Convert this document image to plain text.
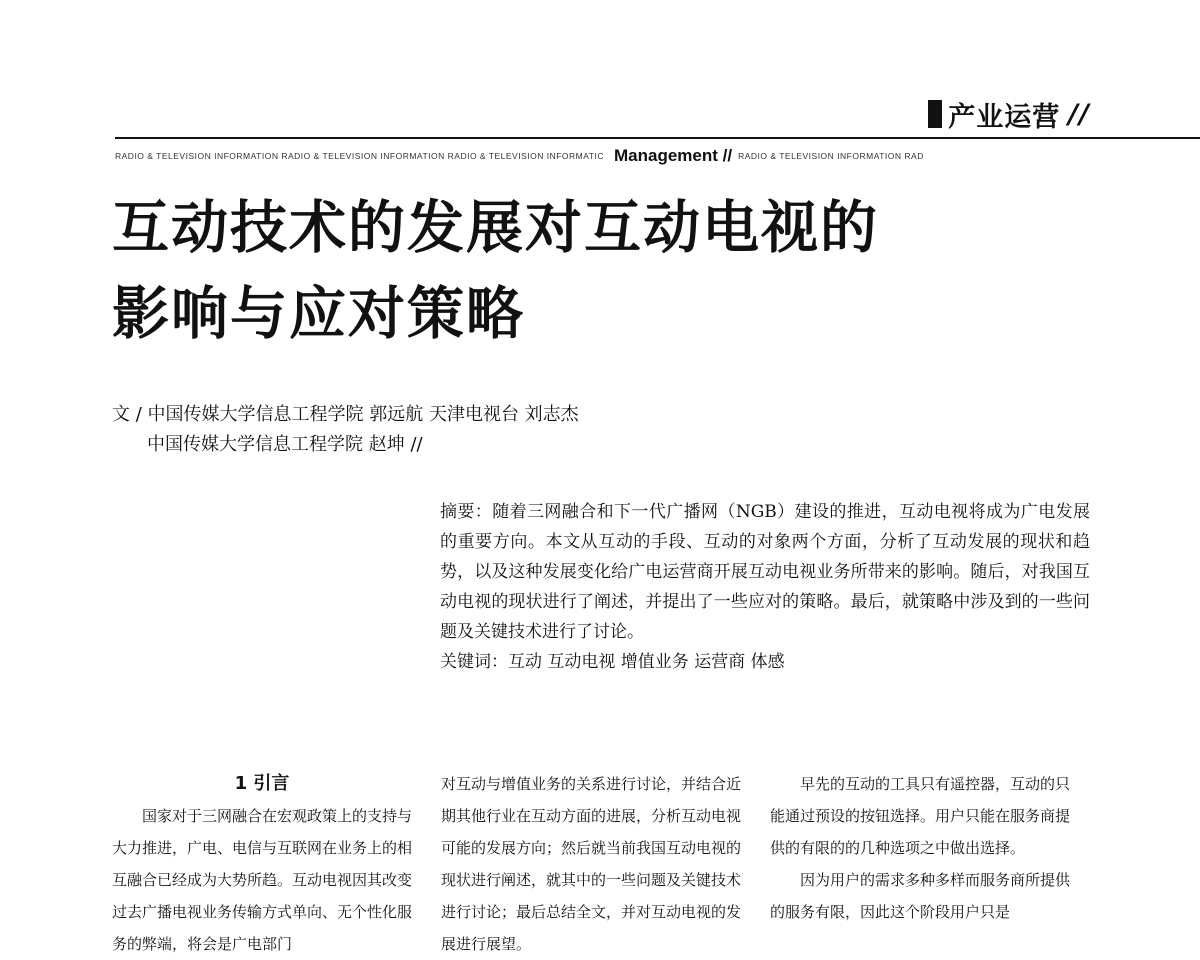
产业运营 //
RADIO & TELEVISION INFORMATION RADIO & TELEVISION INFORMATION RADIO & TELEVISION INFORMATIC Management // RADIO & TELEVISION INFORMATION RAD
互动技术的发展对互动电视的
影响与应对策略
文 / 中国传媒大学信息工程学院 郭远航 天津电视台 刘志杰
中国传媒大学信息工程学院 赵坤 //
摘要：随着三网融合和下一代广播网（NGB）建设的推进，互动电视将成为广电发展的重要方向。本文从互动的手段、互动的对象两个方面，分析了互动发展的现状和趋势，以及这种发展变化给广电运营商开展互动电视业务所带来的影响。随后，对我国互动电视的现状进行了阐述，并提出了一些应对的策略。最后，就策略中涉及到的一些问题及关键技术进行了讨论。
关键词：互动 互动电视 增值业务 运营商 体感
1 引言

国家对于三网融合在宏观政策上的支持与大力推进，广电、电信与互联网在业务上的相互融合已经成为大势所趋。互动电视因其改变过去广播电视业务传输方式单向、无个性化服务的弊端，将会是广电部门

对互动与增值业务的关系进行讨论，并结合近期其他行业在互动方面的进展，分析互动电视可能的发展方向；然后就当前我国互动电视的现状进行阐述，就其中的一些问题及关键技术进行讨论；最后总结全文，并对互动电视的发展进行展望。

早先的互动的工具只有遥控器，互动的只能通过预设的按钮选择。用户只能在服务商提供的有限的的几种选项之中做出选择。

因为用户的需求多种多样而服务商所提供的服务有限，因此这个阶段用户只是
